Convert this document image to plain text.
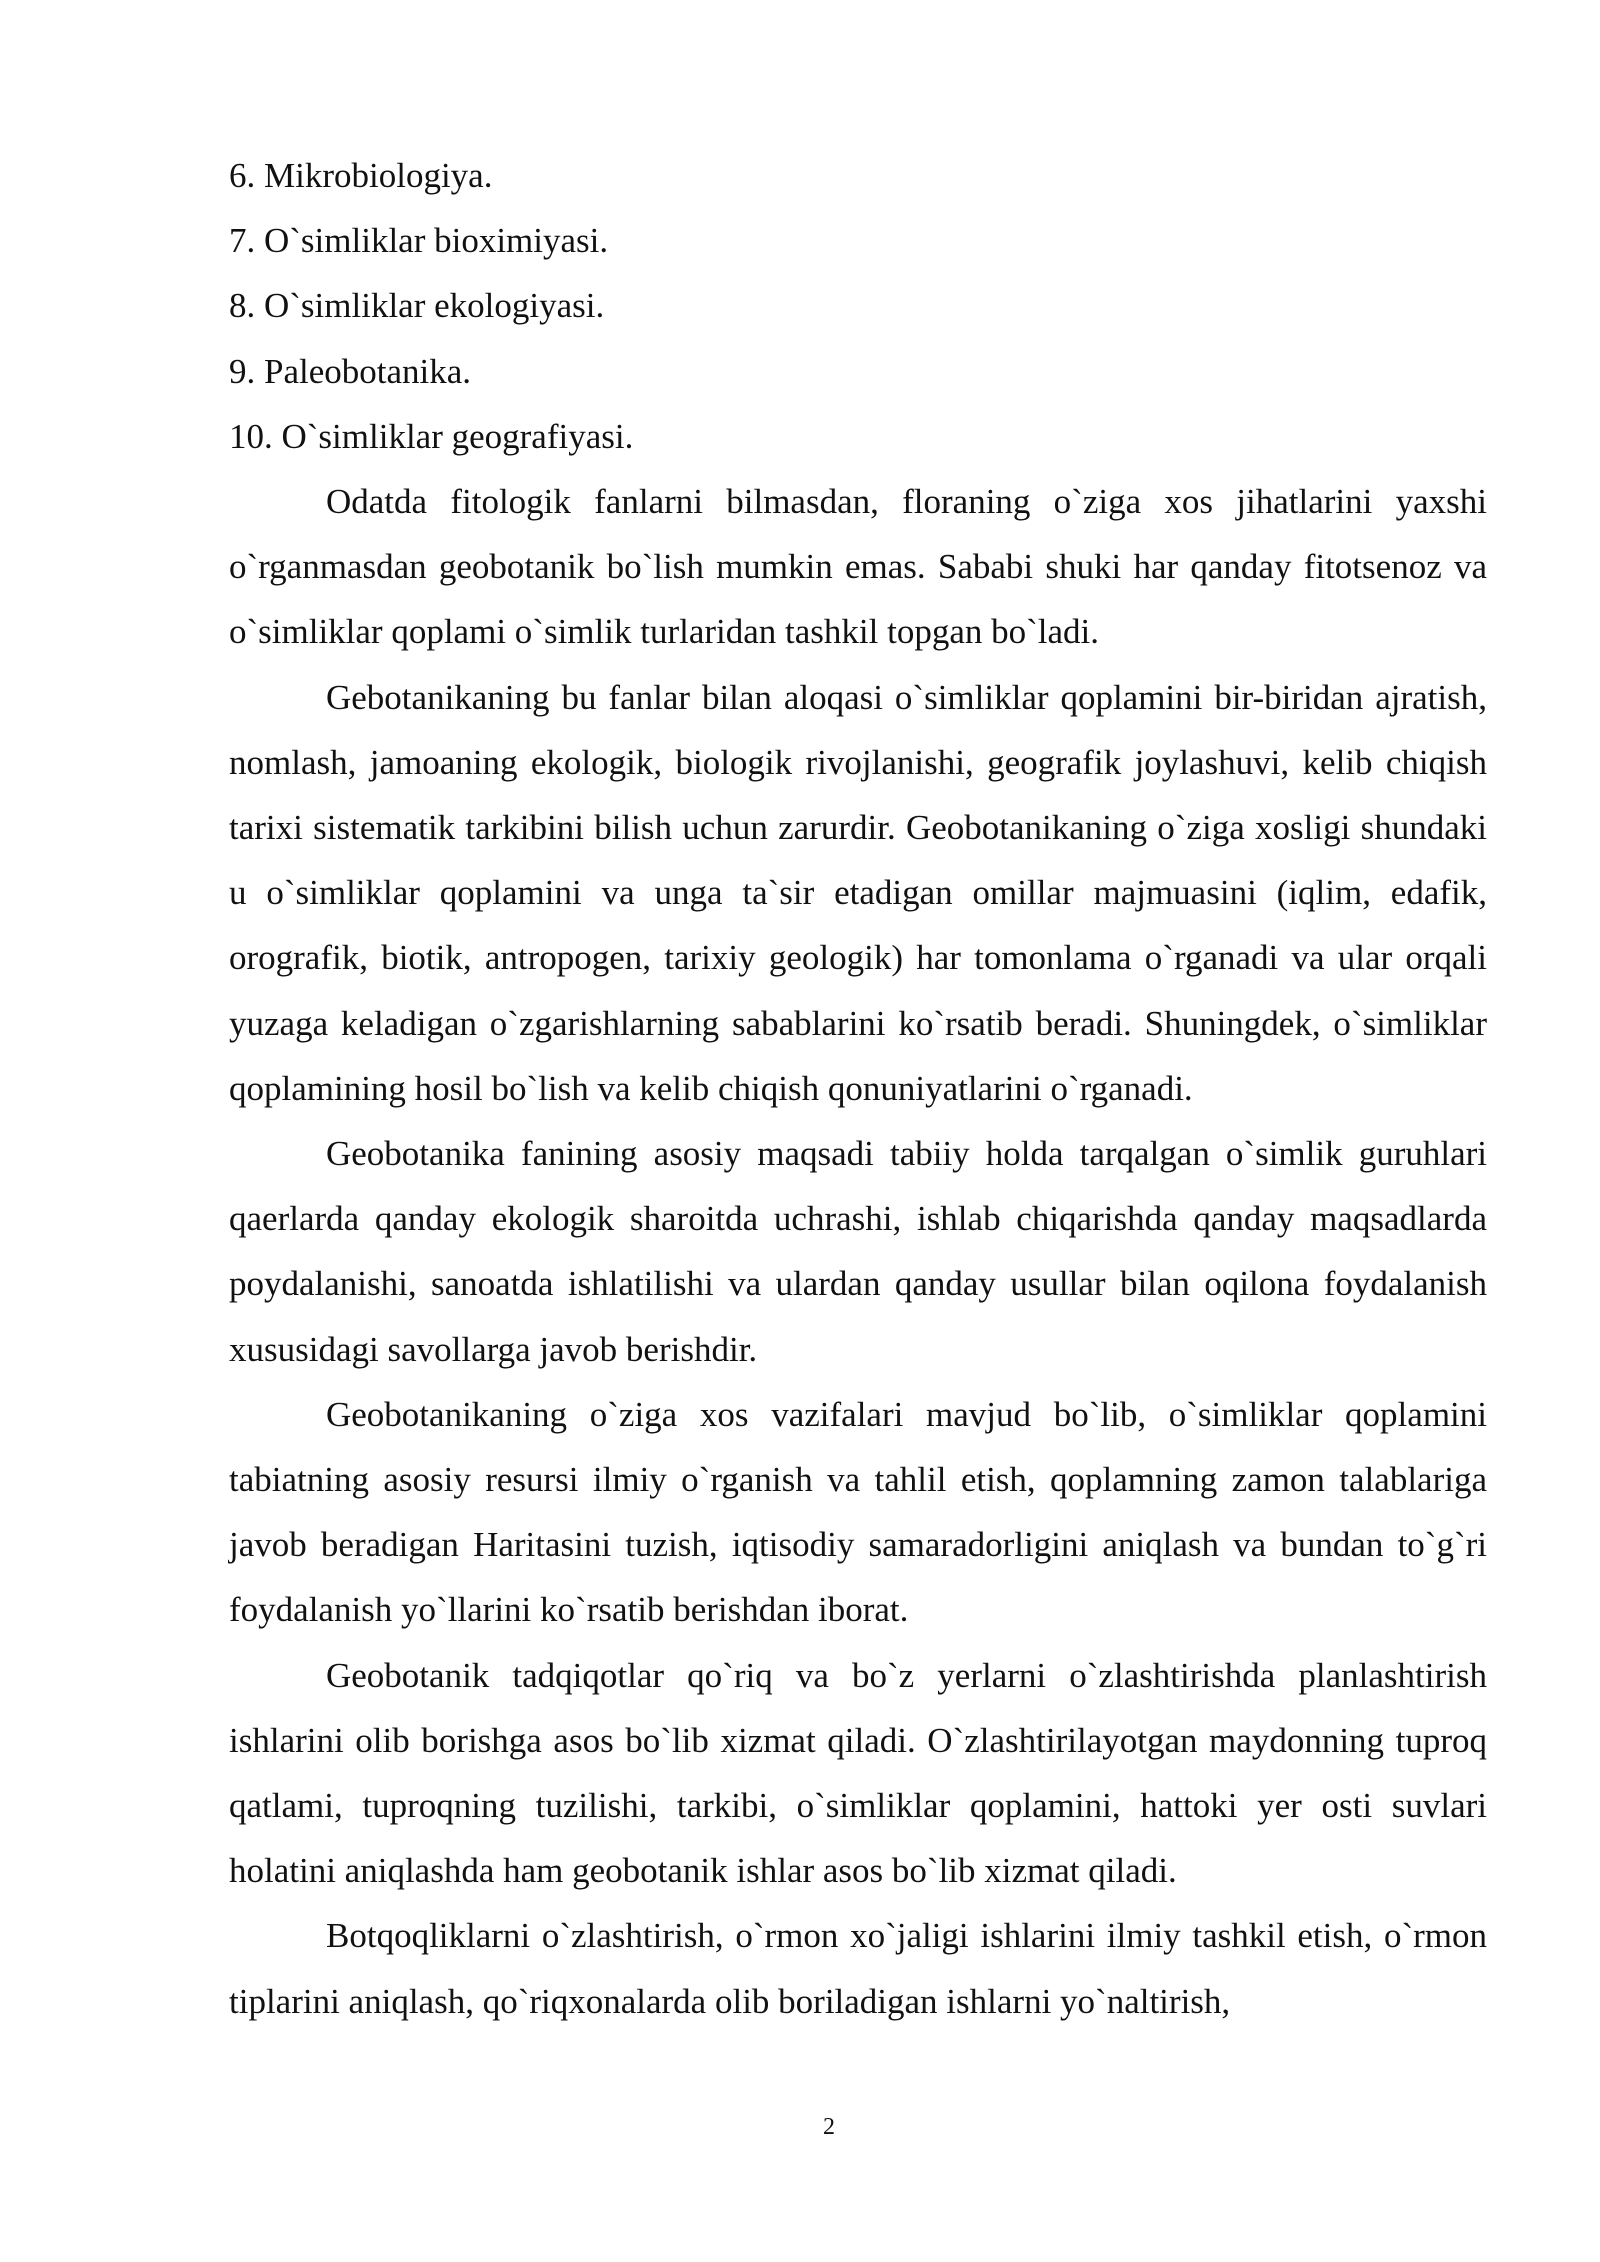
6. Mikrobiologiya.

7. O`simliklar bioximiyasi.

8. O`simliklar ekologiyasi.

9. Paleobotanika.

10. O`simliklar geografiyasi.

Odatda fitologik fanlarni bilmasdan, floraning o`ziga xos jihatlarini yaxshi o`rganmasdan geobotanik bo`lish mumkin emas. Sababi shuki har qanday fitotsenoz va o`simliklar qoplami o`simlik turlaridan tashkil topgan bo`ladi.

Gebotanikaning bu fanlar bilan aloqasi o`simliklar qoplamini bir-biridan ajratish, nomlash, jamoaning ekologik, biologik rivojlanishi, geografik joylashuvi, kelib chiqish tarixi sistematik tarkibini bilish uchun zarurdir. Geobotanikaning o`ziga xosligi shundaki u o`simliklar qoplamini va unga ta`sir etadigan omillar majmuasini (iqlim, edafik, orografik, biotik, antropogen, tarixiy geologik) har tomonlama o`rganadi va ular orqali yuzaga keladigan o`zgarishlarning sabablarini ko`rsatib beradi. Shuningdek, o`simliklar qoplamining hosil bo`lish va kelib chiqish qonuniyatlarini o`rganadi.

Geobotanika fanining asosiy maqsadi tabiiy holda tarqalgan o`simlik guruhlari qaerlarda qanday ekologik sharoitda uchrashi, ishlab chiqarishda qanday maqsadlarda poydalanishi, sanoatda ishlatilishi va ulardan qanday usullar bilan oqilona foydalanish xususidagi savollarga javob berishdir.

Geobotanikaning o`ziga xos vazifalari mavjud bo`lib, o`simliklar qoplamini tabiatning asosiy resursi ilmiy o`rganish va tahlil etish, qoplamning zamon talablariga javob beradigan Haritasini tuzish, iqtisodiy samaradorligini aniqlash va bundan to`g`ri foydalanish yo`llarini ko`rsatib berishdan iborat.

Geobotanik tadqiqotlar qo`riq va bo`z yerlarni o`zlashtirishda planlashtirish ishlarini olib borishga asos bo`lib xizmat qiladi. O`zlashtirilayotgan maydonning tuproq qatlami, tuproqning tuzilishi, tarkibi, o`simliklar qoplamini, hattoki yer osti suvlari holatini aniqlashda ham geobotanik ishlar asos bo`lib xizmat qiladi.

Botqoqliklarni o`zlashtirish, o`rmon xo`jaligi ishlarini ilmiy tashkil etish, o`rmon tiplarini aniqlash, qo`riqxonalarda olib boriladigan ishlarni yo`naltirish,

2
